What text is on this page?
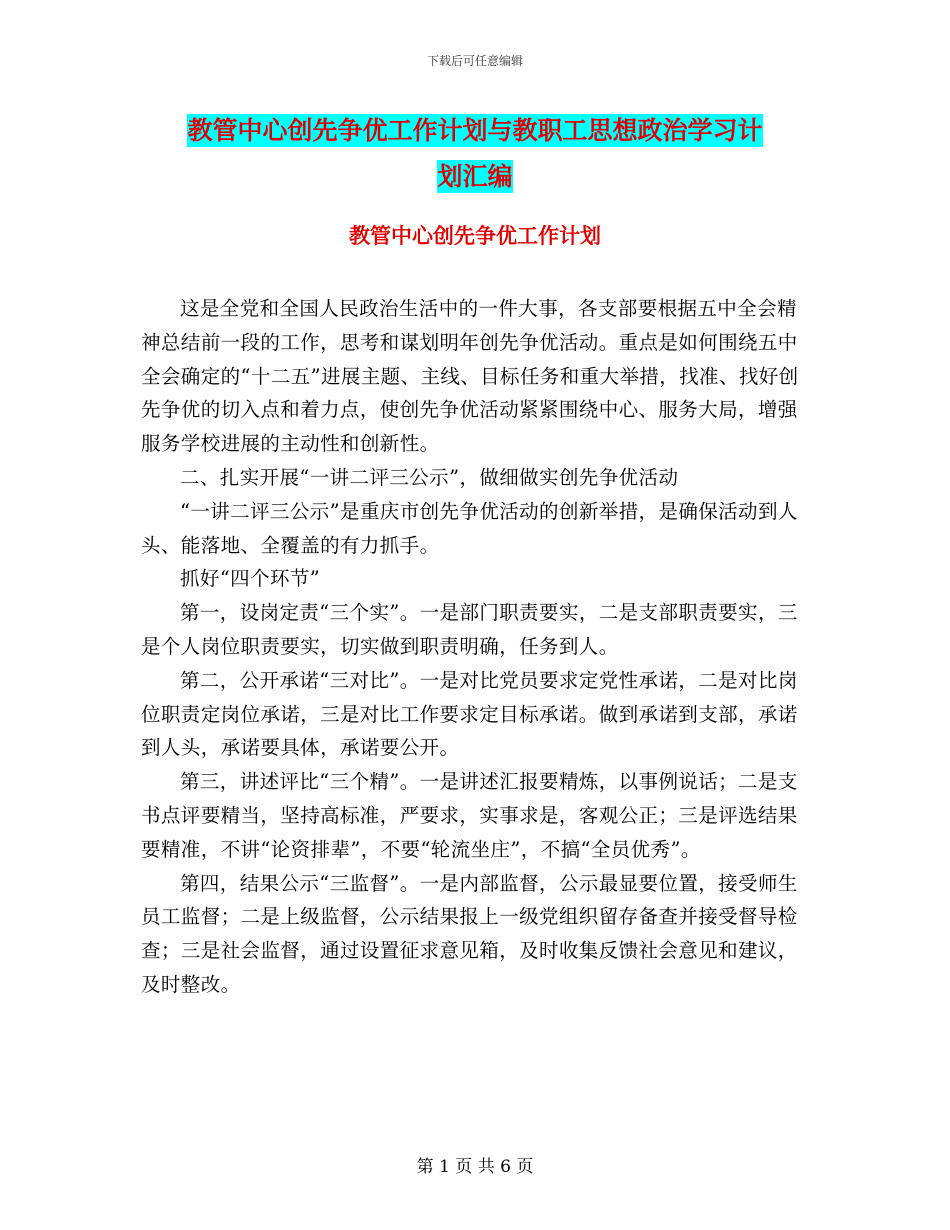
下载后可任意编辑
教管中心创先争优工作计划与教职工思想政治学习计
划汇编
教管中心创先争优工作计划

这是全党和全国人民政治生活中的一件大事，各支部要根据五中全会精神总结前一段的工作，思考和谋划明年创先争优活动。重点是如何围绕五中全会确定的“十二五”进展主题、主线、目标任务和重大举措，找准、找好创先争优的切入点和着力点，使创先争优活动紧紧围绕中心、服务大局，增强服务学校进展的主动性和创新性。

二、扎实开展“一讲二评三公示”，做细做实创先争优活动

“一讲二评三公示”是重庆市创先争优活动的创新举措，是确保活动到人头、能落地、全覆盖的有力抓手。

抓好“四个环节”

第一，设岗定责“三个实”。一是部门职责要实，二是支部职责要实，三是个人岗位职责要实，切实做到职责明确，任务到人。

第二，公开承诺“三对比”。一是对比党员要求定党性承诺，二是对比岗位职责定岗位承诺，三是对比工作要求定目标承诺。做到承诺到支部，承诺到人头，承诺要具体，承诺要公开。

第三，讲述评比“三个精”。一是讲述汇报要精炼，以事例说话；二是支书点评要精当，坚持高标准，严要求，实事求是，客观公正；三是评选结果要精准，不讲“论资排辈”，不要“轮流坐庄”，不搞“全员优秀”。

第四，结果公示“三监督”。一是内部监督，公示最显要位置，接受师生员工监督；二是上级监督，公示结果报上一级党组织留存备查并接受督导检查；三是社会监督，通过设置征求意见箱，及时收集反馈社会意见和建议，及时整改。

第 1 页 共 6 页
